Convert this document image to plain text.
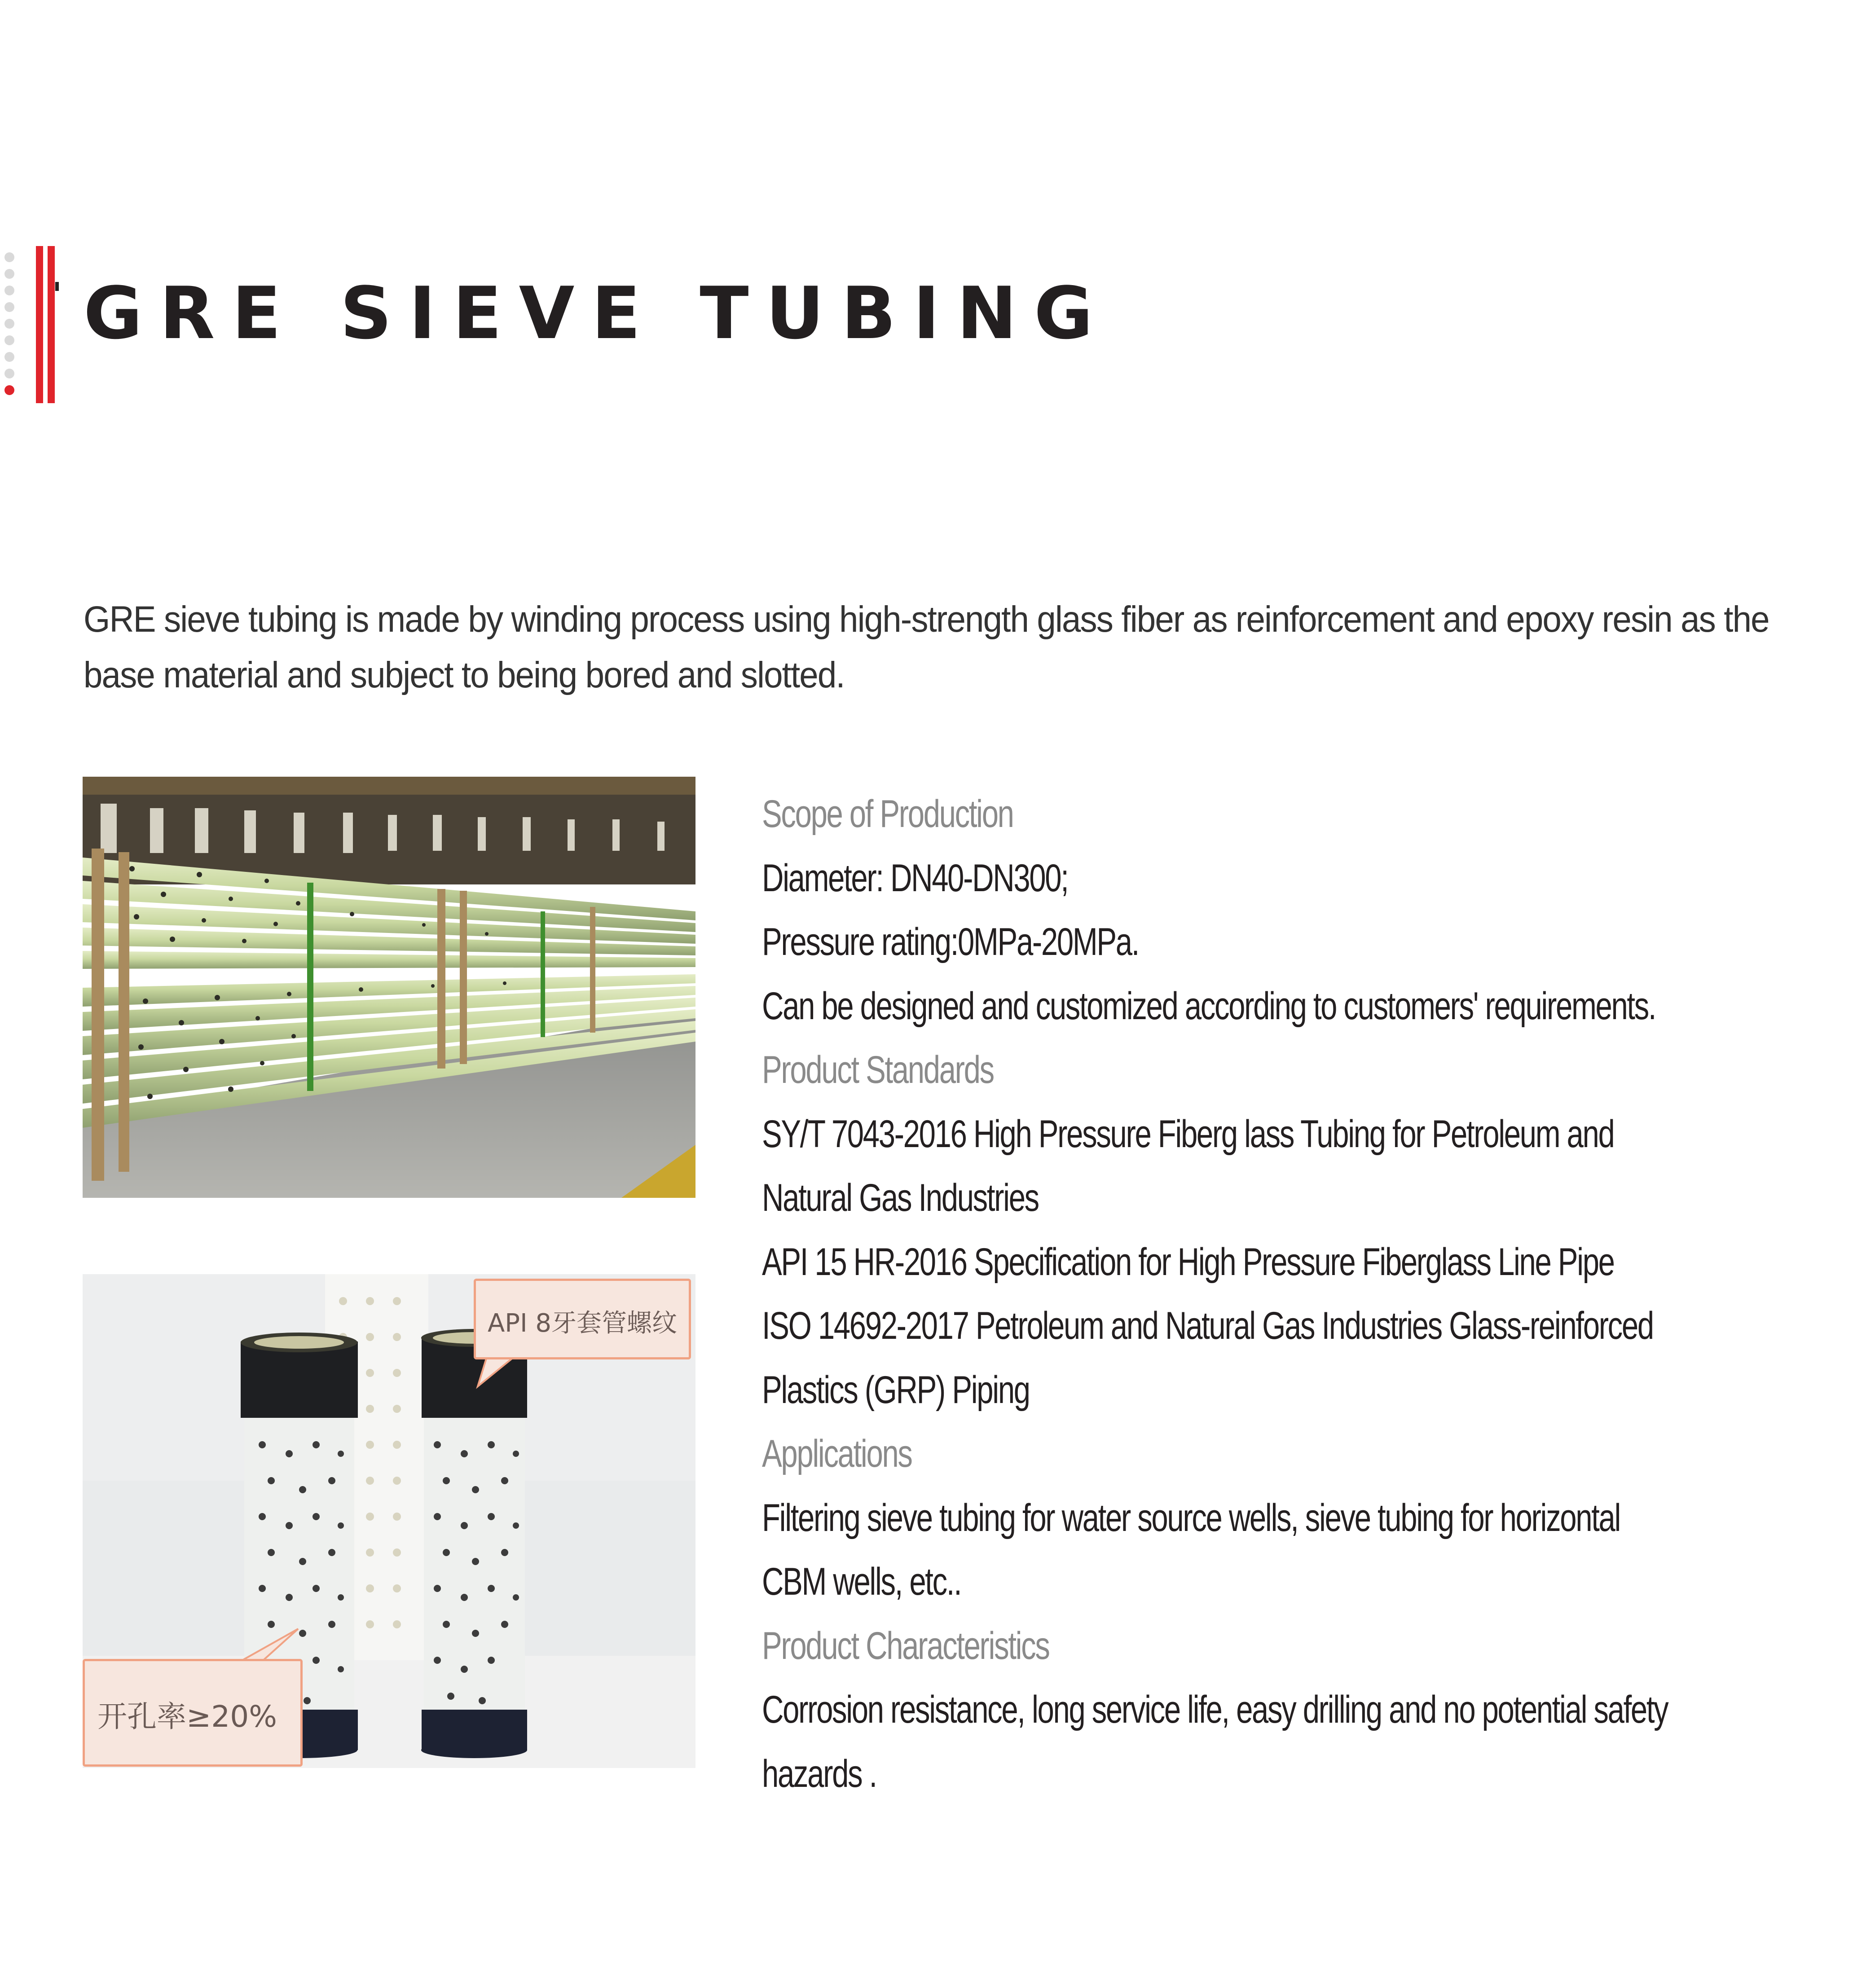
GRE SIEVE TUBING

GRE sieve tubing is made by winding process using high-strength glass fiber as reinforcement and epoxy resin as the base material and subject to being bored and slotted.

API 8牙套管螺纹
开孔率≥20%
Scope of Production
Diameter: DN40-DN300;
Pressure rating:0MPa-20MPa.
Can be designed and customized according to customers' requirements.
Product Standards
SY/T 7043-2016 High Pressure Fiberg lass Tubing for Petroleum and
Natural Gas Industries
API 15 HR-2016 Specification for High Pressure Fiberglass Line Pipe
ISO 14692-2017 Petroleum and Natural Gas Industries Glass-reinforced
Plastics (GRP) Piping
Applications
Filtering sieve tubing for water source wells, sieve tubing for horizontal
CBM wells, etc..
Product Characteristics
Corrosion resistance, long service life, easy drilling and no potential safety
hazards .
